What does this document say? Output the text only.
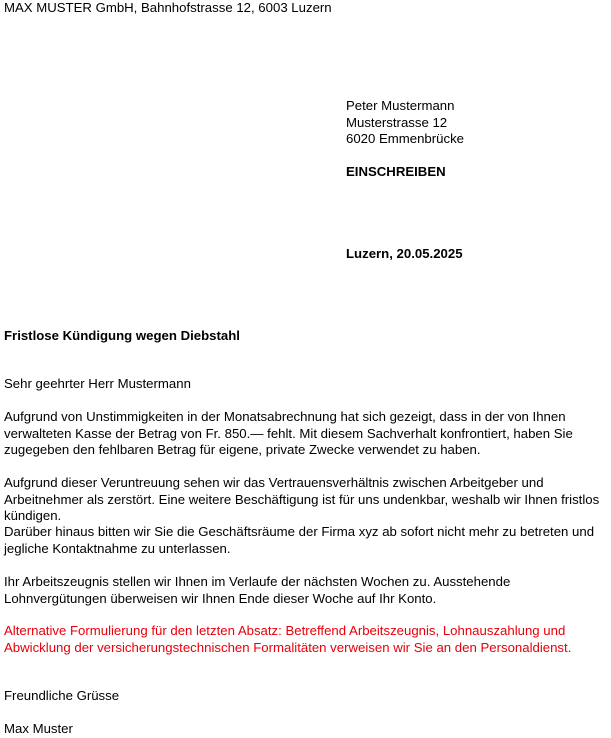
MAX MUSTER GmbH, Bahnhofstrasse 12, 6003 Luzern
Peter Mustermann
Musterstrasse 12
6020 Emmenbrücke
EINSCHREIBEN
Luzern, 20.05.2025
Fristlose Kündigung wegen Diebstahl
Sehr geehrter Herr Mustermann
Aufgrund von Unstimmigkeiten in der Monatsabrechnung hat sich gezeigt, dass in der von Ihnen verwalteten Kasse der Betrag von Fr. 850.— fehlt. Mit diesem Sachverhalt konfrontiert, haben Sie zugegeben den fehlbaren Betrag für eigene, private Zwecke verwendet zu haben.
Aufgrund dieser Veruntreuung sehen wir das Vertrauensverhältnis zwischen Arbeitgeber und Arbeitnehmer als zerstört. Eine weitere Beschäftigung ist für uns undenkbar, weshalb wir Ihnen fristlos kündigen.
Darüber hinaus bitten wir Sie die Geschäftsräume der Firma xyz ab sofort nicht mehr zu betreten und jegliche Kontaktnahme zu unterlassen.
Ihr Arbeitszeugnis stellen wir Ihnen im Verlaufe der nächsten Wochen zu. Ausstehende Lohnvergütungen überweisen wir Ihnen Ende dieser Woche auf Ihr Konto.
Alternative Formulierung für den letzten Absatz: Betreffend Arbeitszeugnis, Lohnauszahlung und Abwicklung der versicherungstechnischen Formalitäten verweisen wir Sie an den Personaldienst.
Freundliche Grüsse
Max Muster
